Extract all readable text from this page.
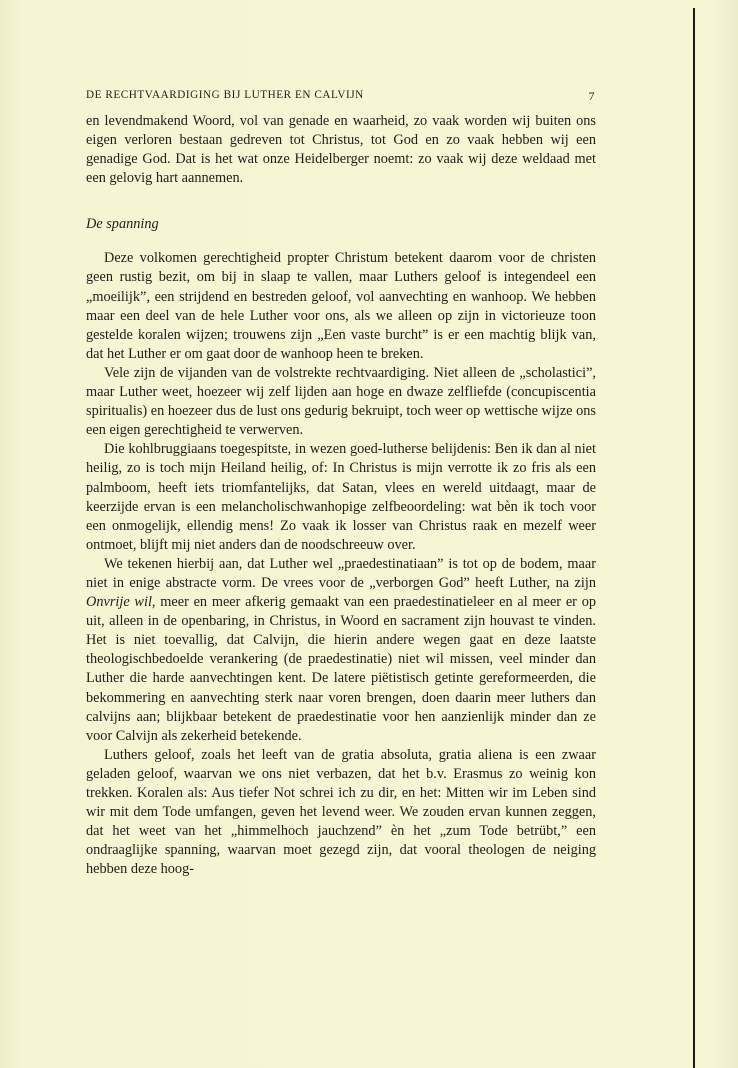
DE RECHTVAARDIGING BIJ LUTHER EN CALVIJN	7

en levendmakend Woord, vol van genade en waarheid, zo vaak worden wij buiten ons eigen verloren bestaan gedreven tot Christus, tot God en zo vaak hebben wij een genadige God. Dat is het wat onze Heidelberger noemt: zo vaak wij deze weldaad met een gelovig hart aannemen.

De spanning

Deze volkomen gerechtigheid propter Christum betekent daarom voor de christen geen rustig bezit, om bij in slaap te vallen, maar Luthers geloof is integendeel een „moeilijk”, een strijdend en bestreden geloof, vol aanvechting en wanhoop. We hebben maar een deel van de hele Luther voor ons, als we alleen op zijn in victorieuze toon gestelde koralen wijzen; trouwens zijn „Een vaste burcht” is er een machtig blijk van, dat het Luther er om gaat door de wanhoop heen te breken.

Vele zijn de vijanden van de volstrekte rechtvaardiging. Niet alleen de „scholastici”, maar Luther weet, hoezeer wij zelf lijden aan hoge en dwaze zelfliefde (concupiscentia spiritualis) en hoezeer dus de lust ons gedurig bekruipt, toch weer op wettische wijze ons een eigen gerechtigheid te verwerven.

Die kohlbruggiaans toegespitste, in wezen goed-lutherse belijdenis: Ben ik dan al niet heilig, zo is toch mijn Heiland heilig, of: In Christus is mijn verrotte ik zo fris als een palmboom, heeft iets triomfantelijks, dat Satan, vlees en wereld uitdaagt, maar de keerzijde ervan is een melancholischwanhopige zelfbeoordeling: wat bèn ik toch voor een onmogelijk, ellendig mens! Zo vaak ik losser van Christus raak en mezelf weer ontmoet, blijft mij niet anders dan de noodschreeuw over.

We tekenen hierbij aan, dat Luther wel „praedestinatiaan” is tot op de bodem, maar niet in enige abstracte vorm. De vrees voor de „verborgen God” heeft Luther, na zijn Onvrije wil, meer en meer afkerig gemaakt van een praedestinatieleer en al meer er op uit, alleen in de openbaring, in Christus, in Woord en sacrament zijn houvast te vinden. Het is niet toevallig, dat Calvijn, die hierin andere wegen gaat en deze laatste theologischbedoelde verankering (de praedestinatie) niet wil missen, veel minder dan Luther die harde aanvechtingen kent. De latere piëtistisch getinte gereformeerden, die bekommering en aanvechting sterk naar voren brengen, doen daarin meer luthers dan calvijns aan; blijkbaar betekent de praedestinatie voor hen aanzienlijk minder dan ze voor Calvijn als zekerheid betekende.

Luthers geloof, zoals het leeft van de gratia absoluta, gratia aliena is een zwaar geladen geloof, waarvan we ons niet verbazen, dat het b.v. Erasmus zo weinig kon trekken. Koralen als: Aus tiefer Not schrei ich zu dir, en het: Mitten wir im Leben sind wir mit dem Tode umfangen, geven het levend weer. We zouden ervan kunnen zeggen, dat het weet van het „himmelhoch jauchzend” èn het „zum Tode betrübt,” een ondraaglijke spanning, waarvan moet gezegd zijn, dat vooral theologen de neiging hebben deze hoog-
